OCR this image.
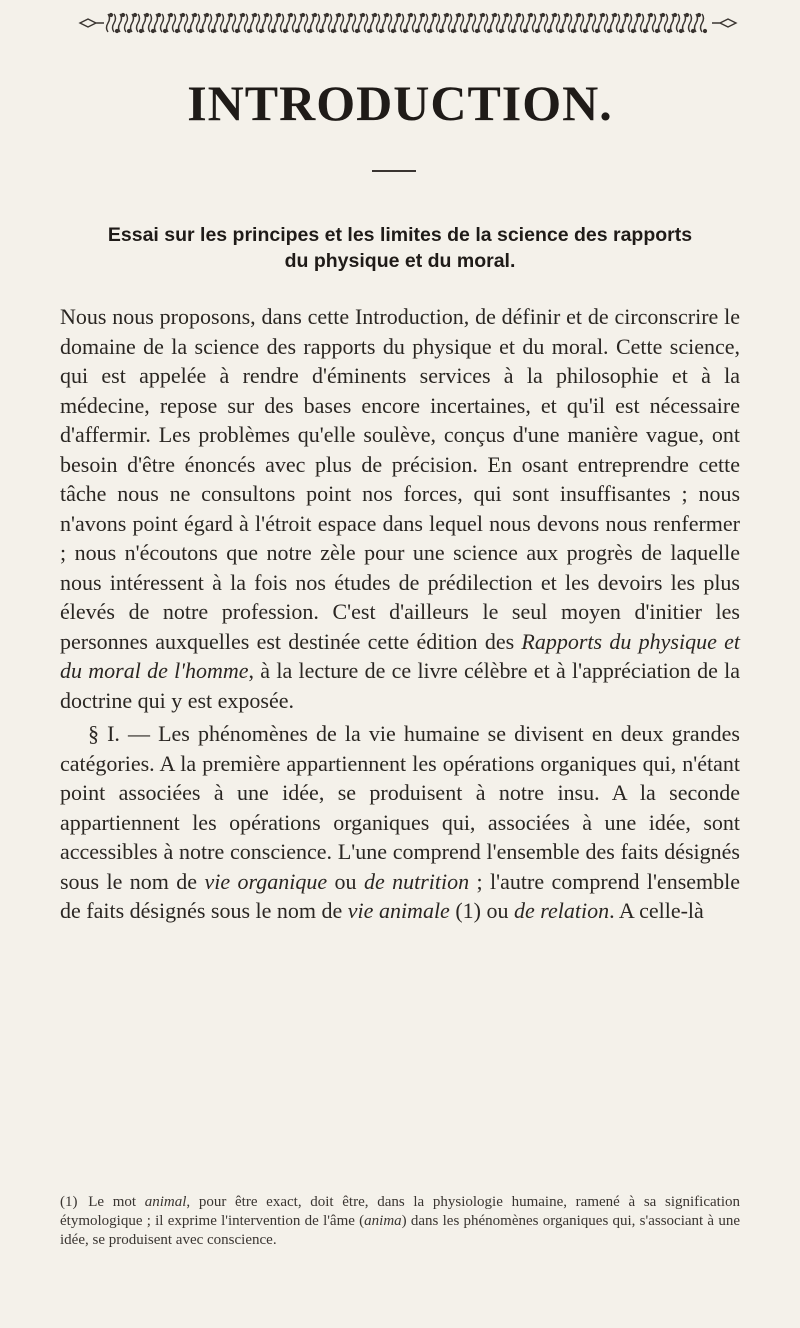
INTRODUCTION.
Essai sur les principes et les limites de la science des rapports
du physique et du moral.

Nous nous proposons, dans cette Introduction, de définir et de circonscrire le domaine de la science des rapports du physique et du moral. Cette science, qui est appelée à rendre d'éminents services à la philosophie et à la médecine, repose sur des bases encore incertaines, et qu'il est nécessaire d'affermir. Les problèmes qu'elle soulève, conçus d'une manière vague, ont besoin d'être énoncés avec plus de précision. En osant entreprendre cette tâche nous ne consultons point nos forces, qui sont insuffisantes ; nous n'avons point égard à l'étroit espace dans lequel nous devons nous renfermer ; nous n'écoutons que notre zèle pour une science aux progrès de laquelle nous intéressent à la fois nos études de prédilection et les devoirs les plus élevés de notre profession. C'est d'ailleurs le seul moyen d'initier les personnes auxquelles est destinée cette édition des Rapports du physique et du moral de l'homme, à la lecture de ce livre célèbre et à l'appréciation de la doctrine qui y est exposée.

§ I. — Les phénomènes de la vie humaine se divisent en deux grandes catégories. A la première appartiennent les opérations organiques qui, n'étant point associées à une idée, se produisent à notre insu. A la seconde appartiennent les opérations organiques qui, associées à une idée, sont accessibles à notre conscience. L'une comprend l'ensemble des faits désignés sous le nom de vie organique ou de nutrition ; l'autre comprend l'ensemble de faits désignés sous le nom de vie animale (1) ou de relation. A celle-là

(1) Le mot animal, pour être exact, doit être, dans la physiologie humaine, ramené à sa signification étymologique ; il exprime l'intervention de l'âme (anima) dans les phénomènes organiques qui, s'associant à une idée, se produisent avec conscience.
